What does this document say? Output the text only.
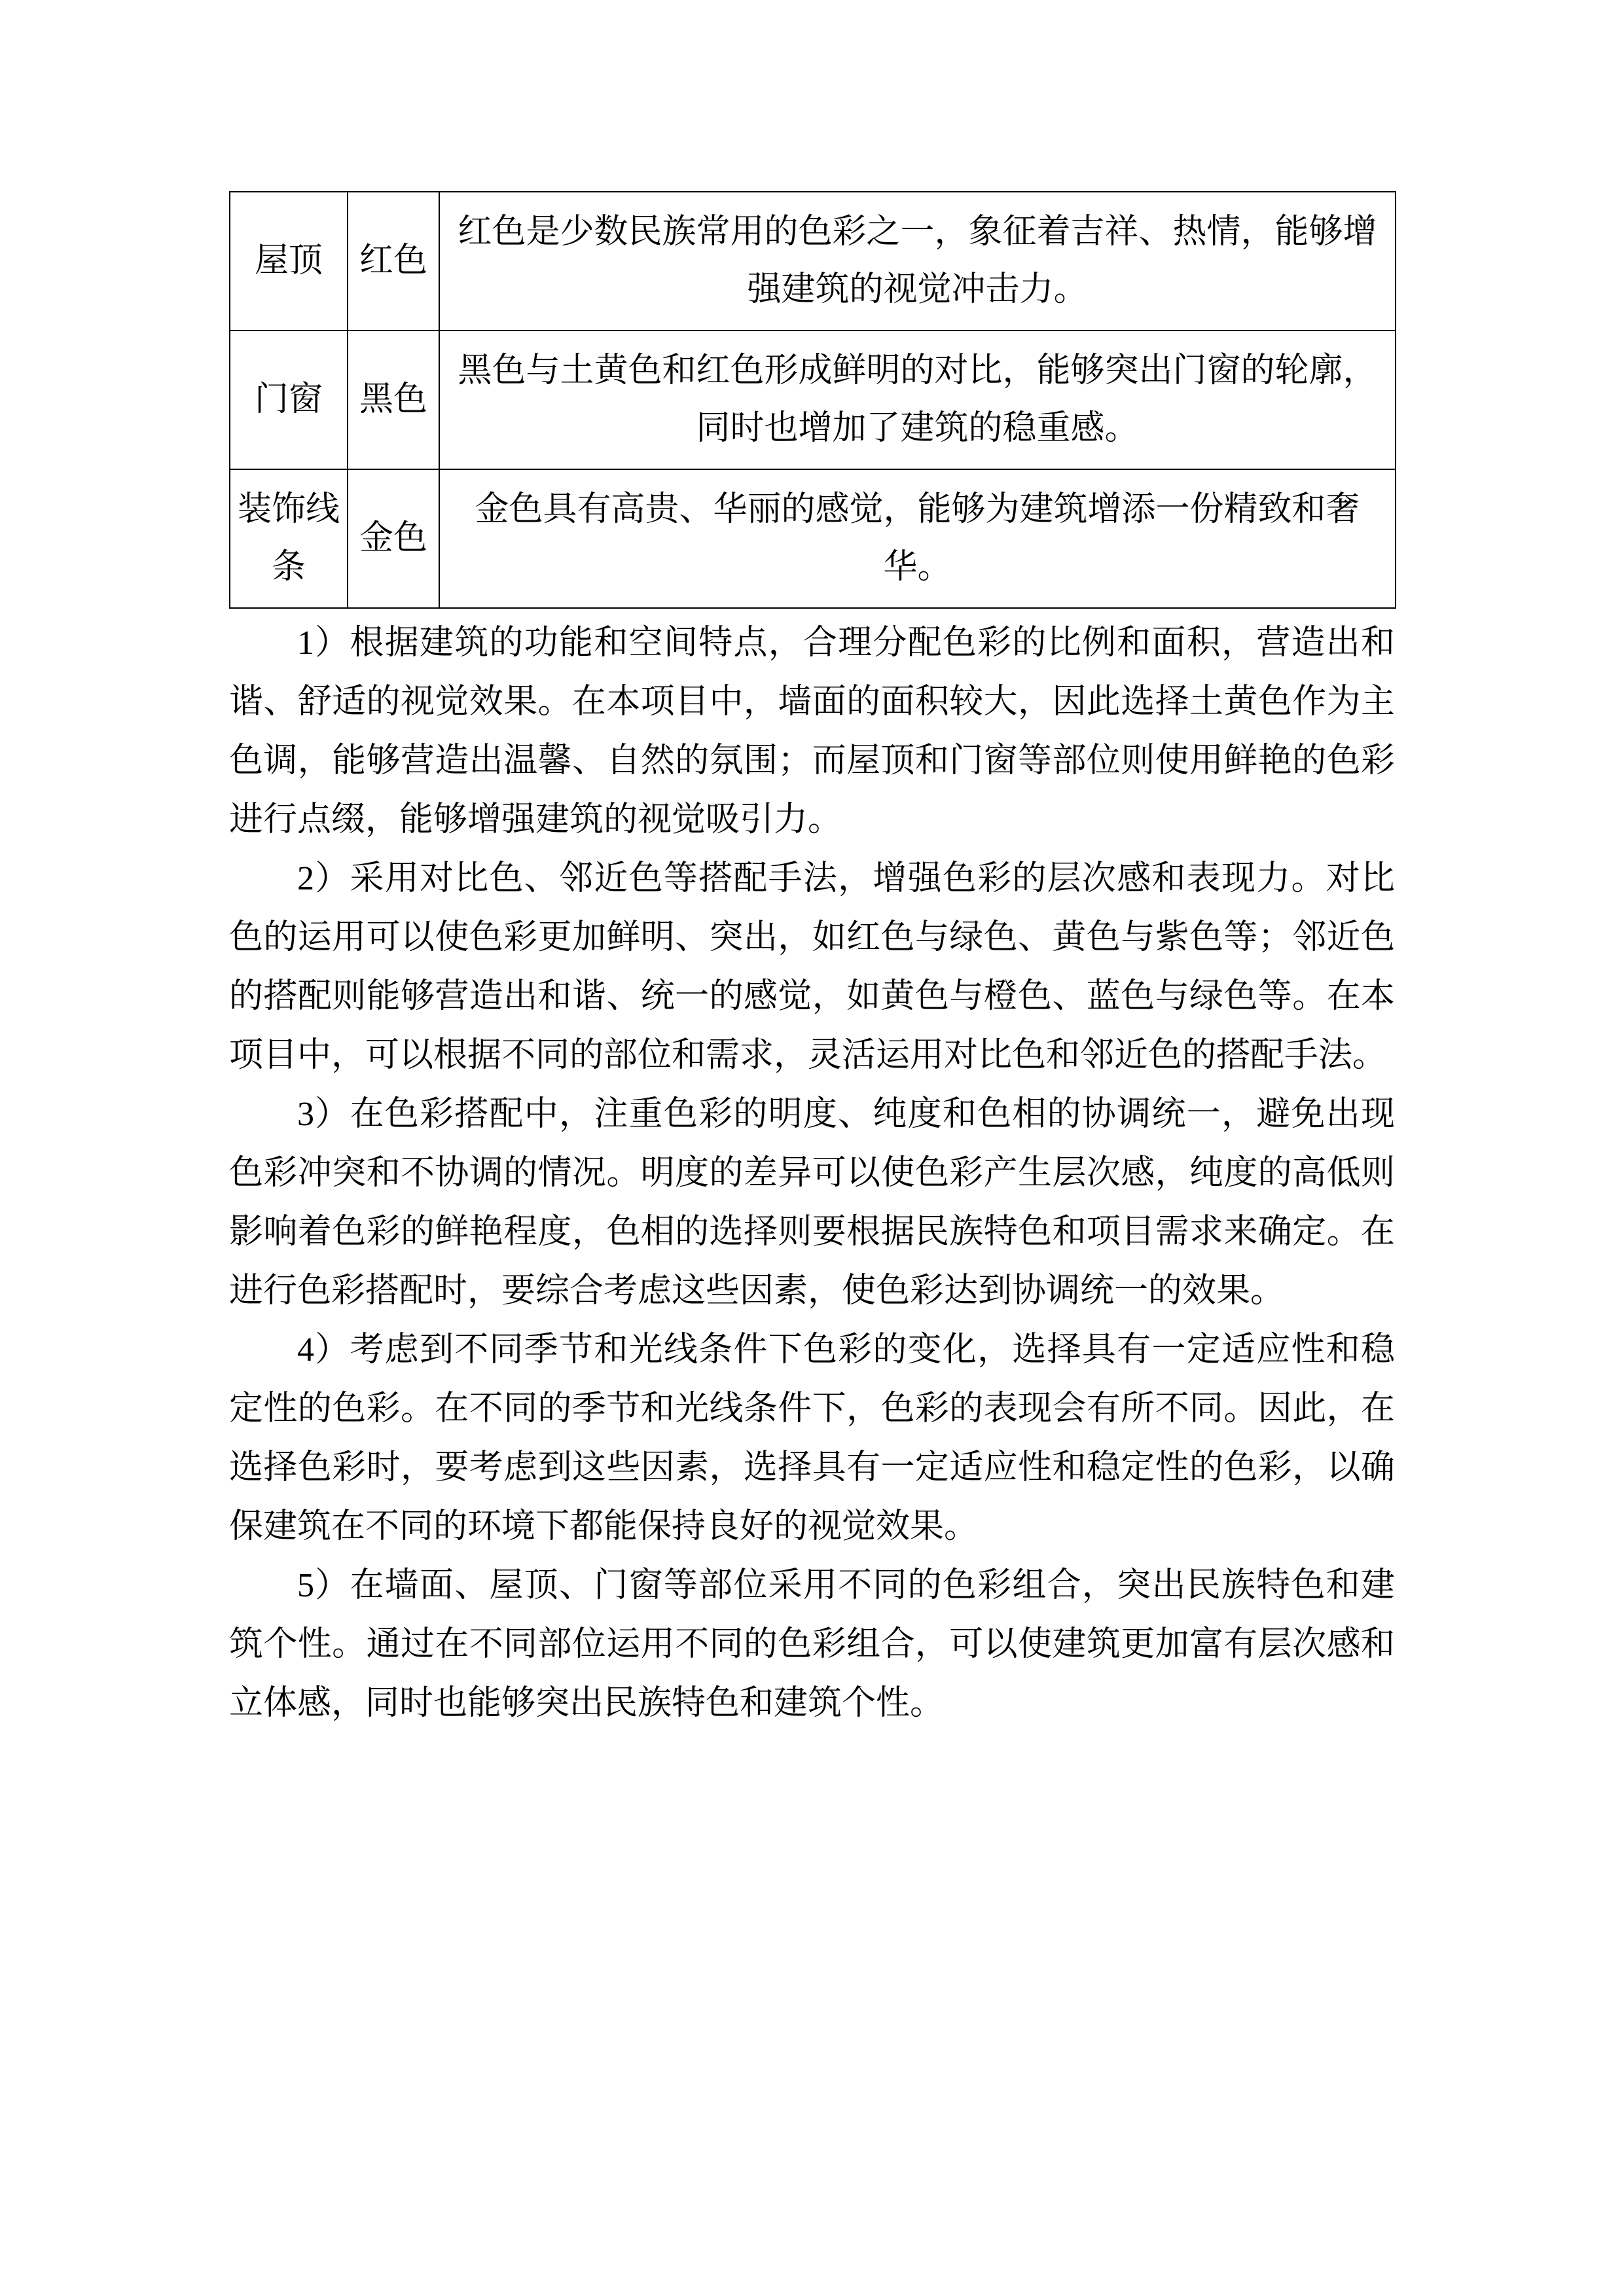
屋顶	红色	红色是少数民族常用的色彩之一，象征着吉祥、热情，能够增强建筑的视觉冲击力。
门窗	黑色	黑色与土黄色和红色形成鲜明的对比，能够突出门窗的轮廓，同时也增加了建筑的稳重感。
装饰线条	金色	金色具有高贵、华丽的感觉，能够为建筑增添一份精致和奢华。

1）根据建筑的功能和空间特点，合理分配色彩的比例和面积，营造出和谐、舒适的视觉效果。在本项目中，墙面的面积较大，因此选择土黄色作为主色调，能够营造出温馨、自然的氛围；而屋顶和门窗等部位则使用鲜艳的色彩进行点缀，能够增强建筑的视觉吸引力。

2）采用对比色、邻近色等搭配手法，增强色彩的层次感和表现力。对比色的运用可以使色彩更加鲜明、突出，如红色与绿色、黄色与紫色等；邻近色的搭配则能够营造出和谐、统一的感觉，如黄色与橙色、蓝色与绿色等。在本项目中，可以根据不同的部位和需求，灵活运用对比色和邻近色的搭配手法。

3）在色彩搭配中，注重色彩的明度、纯度和色相的协调统一，避免出现色彩冲突和不协调的情况。明度的差异可以使色彩产生层次感，纯度的高低则影响着色彩的鲜艳程度，色相的选择则要根据民族特色和项目需求来确定。在进行色彩搭配时，要综合考虑这些因素，使色彩达到协调统一的效果。

4）考虑到不同季节和光线条件下色彩的变化，选择具有一定适应性和稳定性的色彩。在不同的季节和光线条件下，色彩的表现会有所不同。因此，在选择色彩时，要考虑到这些因素，选择具有一定适应性和稳定性的色彩，以确保建筑在不同的环境下都能保持良好的视觉效果。

5）在墙面、屋顶、门窗等部位采用不同的色彩组合，突出民族特色和建筑个性。通过在不同部位运用不同的色彩组合，可以使建筑更加富有层次感和立体感，同时也能够突出民族特色和建筑个性。
